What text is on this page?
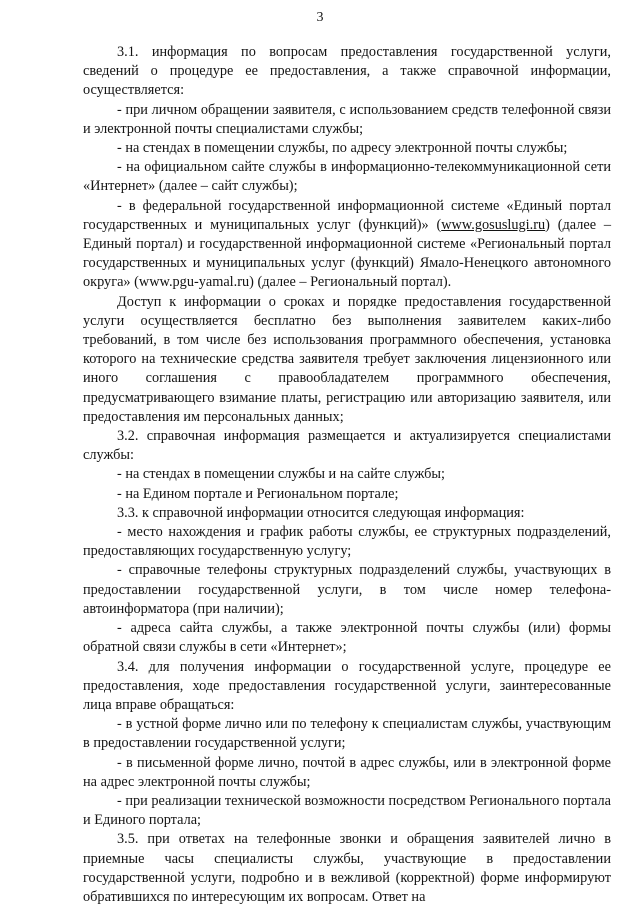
3

3.1. информация по вопросам предоставления государственной услуги, сведений о процедуре ее предоставления, а также справочной информации, осуществляется:

- при личном обращении заявителя, с использованием средств телефонной связи и электронной почты специалистами службы;

- на стендах в помещении службы, по адресу электронной почты службы;

- на официальном сайте службы в информационно-телекоммуникационной сети «Интернет» (далее – сайт службы);

- в федеральной государственной информационной системе «Единый портал государственных и муниципальных услуг (функций)» (www.gosuslugi.ru) (далее – Единый портал) и государственной информационной системе «Региональный портал государственных и муниципальных услуг (функций) Ямало-Ненецкого автономного округа» (www.pgu-yamal.ru) (далее – Региональный портал).

Доступ к информации о сроках и порядке предоставления государственной услуги осуществляется бесплатно без выполнения заявителем каких-либо требований, в том числе без использования программного обеспечения, установка которого на технические средства заявителя требует заключения лицензионного или иного соглашения с правообладателем программного обеспечения, предусматривающего взимание платы, регистрацию или авторизацию заявителя, или предоставления им персональных данных;

3.2. справочная информация размещается и актуализируется специалистами службы:

- на стендах в помещении службы и на сайте службы;

- на Едином портале и Региональном портале;

3.3. к справочной информации относится следующая информация:

- место нахождения и график работы службы, ее структурных подразделений, предоставляющих государственную услугу;

- справочные телефоны структурных подразделений службы, участвующих в предоставлении государственной услуги, в том числе номер телефона-автоинформатора (при наличии);

- адреса сайта службы, а также электронной почты службы (или) формы обратной связи службы в сети «Интернет»;

3.4. для получения информации о государственной услуге, процедуре ее предоставления, ходе предоставления государственной услуги, заинтересованные лица вправе обращаться:

- в устной форме лично или по телефону к специалистам службы, участвующим в предоставлении государственной услуги;

- в письменной форме лично, почтой в адрес службы, или в электронной форме на адрес электронной почты службы;

- при реализации технической возможности посредством Регионального портала и Единого портала;

3.5. при ответах на телефонные звонки и обращения заявителей лично в приемные часы специалисты службы, участвующие в предоставлении государственной услуги, подробно и в вежливой (корректной) форме информируют обратившихся по интересующим их вопросам. Ответ на
